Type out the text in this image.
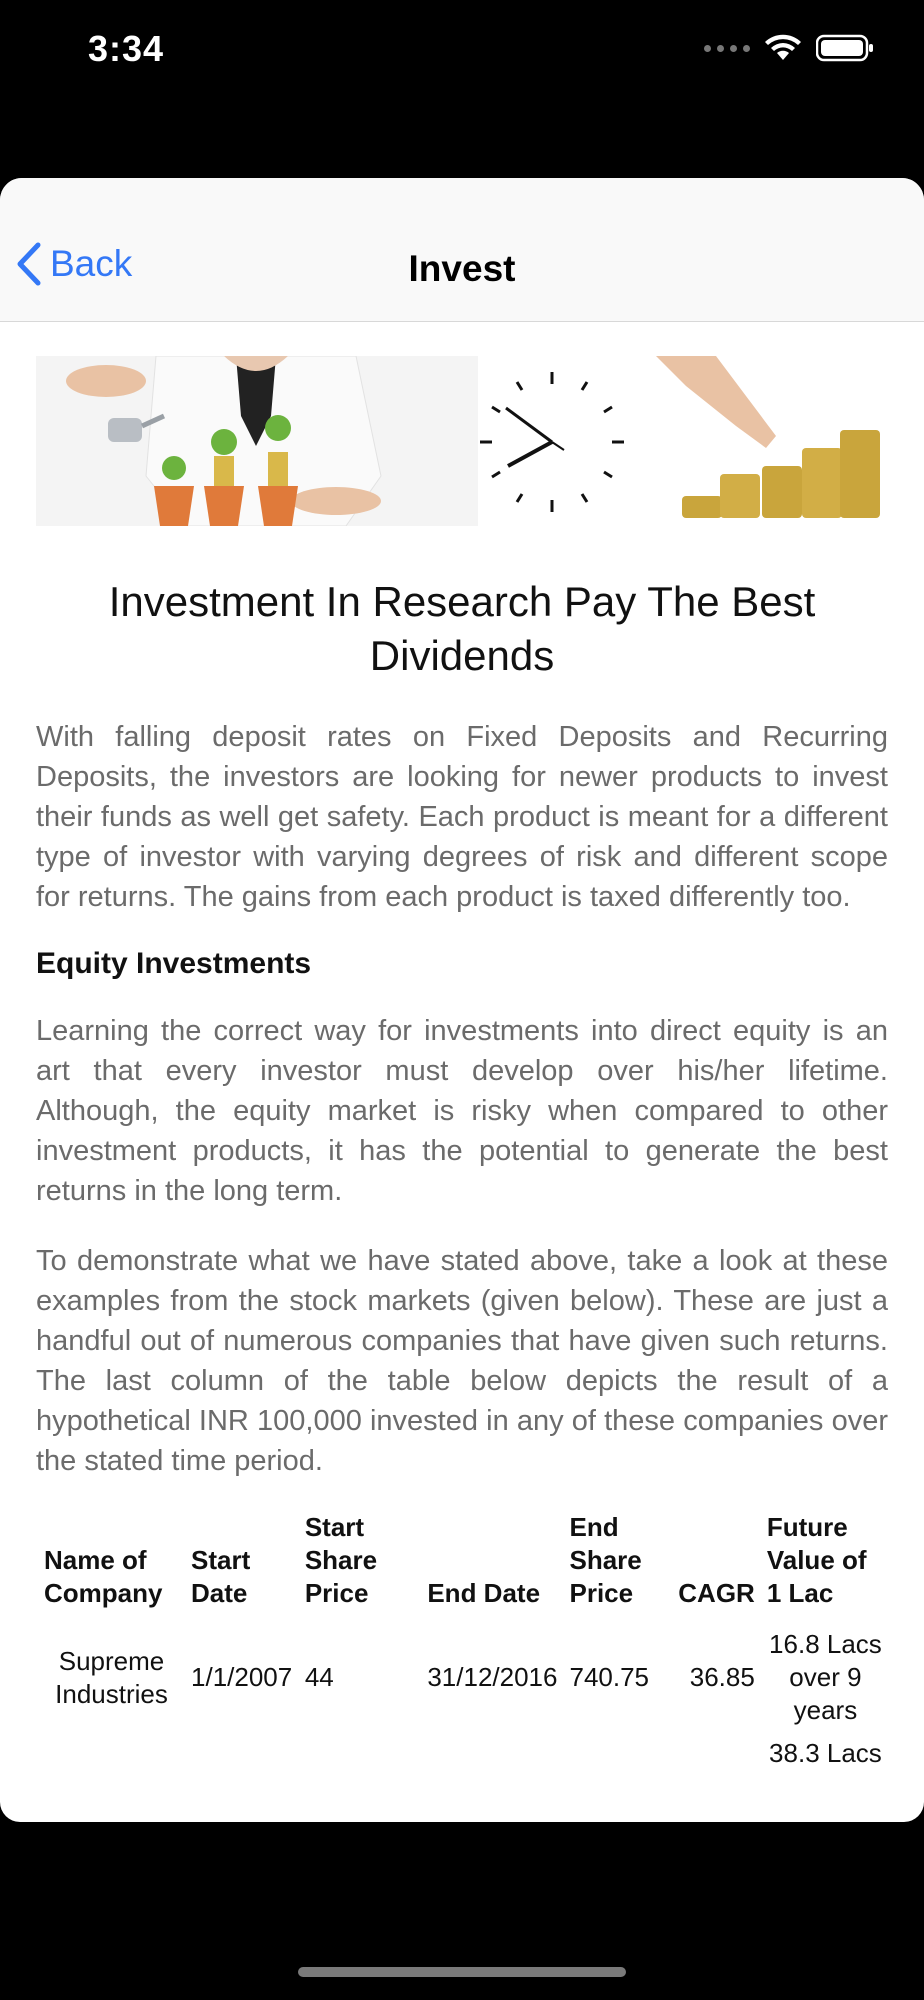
3:34
Back	Invest
Investment In Research Pay The Best Dividends

With falling deposit rates on Fixed Deposits and Recurring Deposits, the investors are looking for newer products to invest their funds as well get safety. Each product is meant for a different type of investor with varying degrees of risk and different scope for returns. The gains from each product is taxed differently too.

Equity Investments

Learning the correct way for investments into direct equity is an art that every investor must develop over his/her lifetime. Although, the equity market is risky when compared to other investment products, it has the potential to generate the best returns in the long term.

To demonstrate what we have stated above, take a look at these examples from the stock markets (given below). These are just a handful out of numerous companies that have given such returns. The last column of the table below depicts the result of a hypothetical INR 100,000 invested in any of these companies over the stated time period.

Name of Company	Start Date	Start Share Price	End Date	End Share Price	CAGR	Future Value of 1 Lac
Supreme Industries	1/1/2007	44	31/12/2016	740.75	36.85	16.8 Lacs over 9 years
						38.3 Lacs
